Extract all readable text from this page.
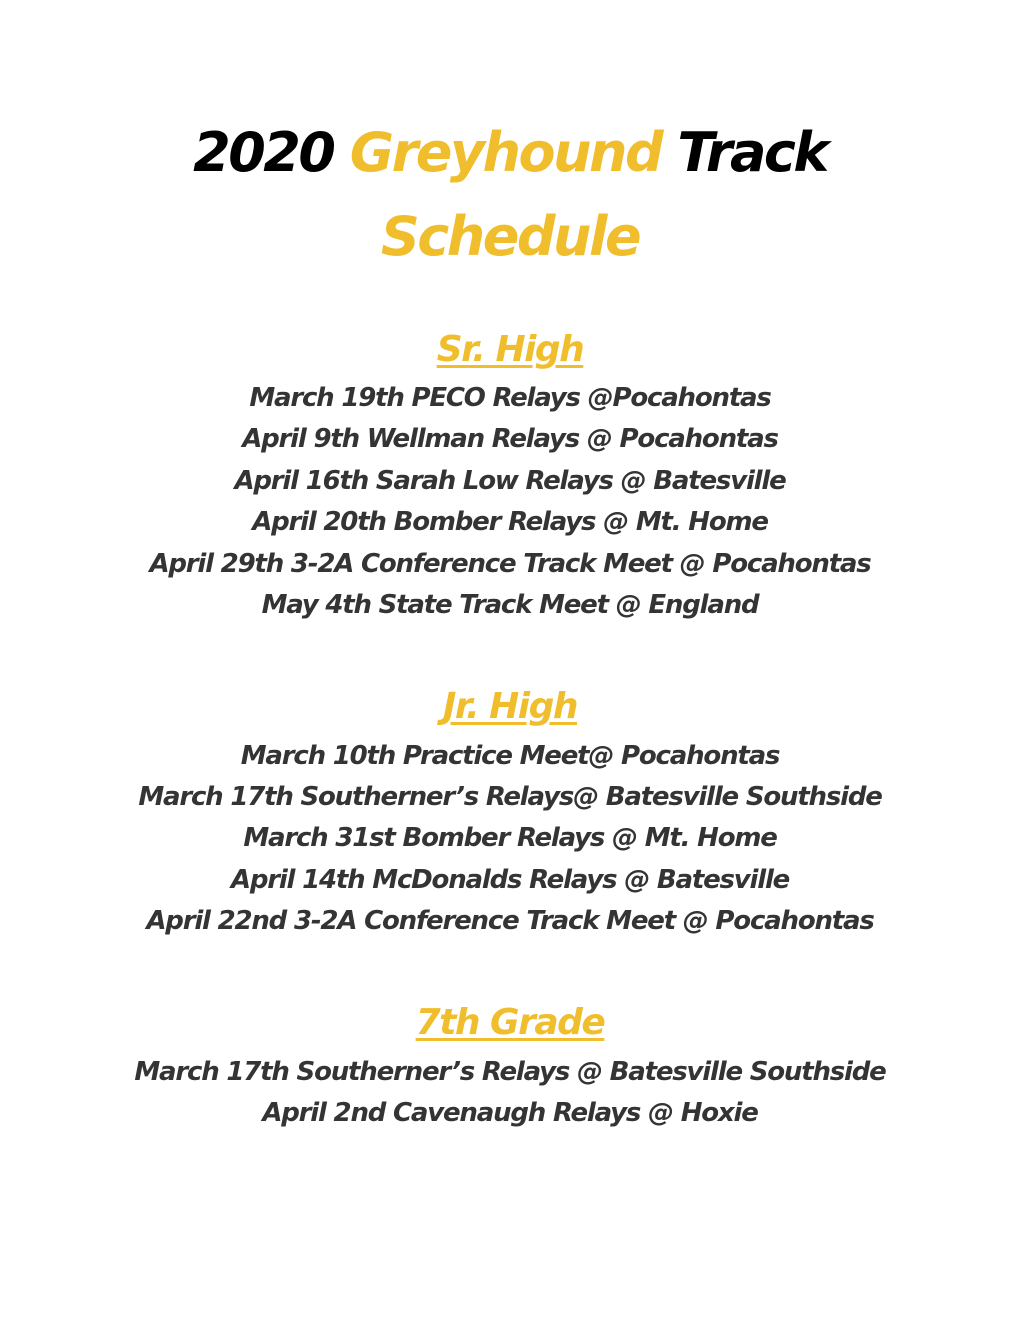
2020 Greyhound Track
Schedule
Sr. High
March 19th PECO Relays @Pocahontas
April 9th Wellman Relays @ Pocahontas
April 16th Sarah Low Relays @ Batesville
April 20th Bomber Relays @ Mt. Home
April 29th 3-2A Conference Track Meet @ Pocahontas
May 4th State Track Meet @ England
Jr. High
March 10th Practice Meet@ Pocahontas
March 17th Southerner’s Relays@ Batesville Southside
March 31st Bomber Relays @ Mt. Home
April 14th McDonalds Relays @ Batesville
April 22nd 3-2A Conference Track Meet @ Pocahontas
7th Grade
March 17th Southerner’s Relays @ Batesville Southside
April 2nd Cavenaugh Relays @ Hoxie
